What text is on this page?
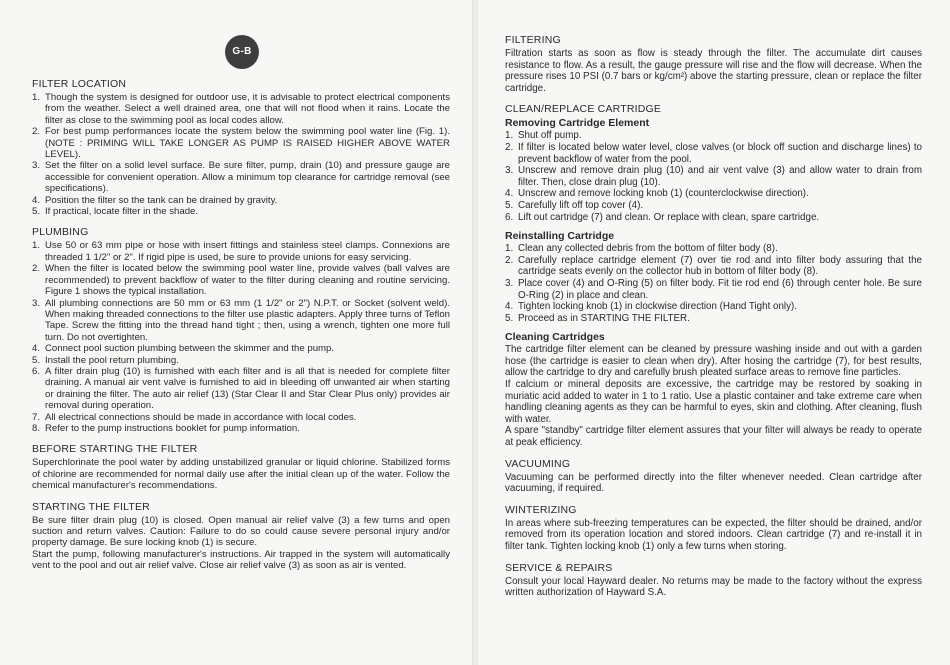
G-B
FILTER LOCATION
1. Though the system is designed for outdoor use, it is advisable to protect electrical components from the weather. Select a well drained area, one that will not flood when it rains. Locate the filter as close to the swimming pool as local codes allow.
2. For best pump performances locate the system below the swimming pool water line (Fig. 1). (NOTE : PRIMING WILL TAKE LONGER AS PUMP IS RAISED HIGHER ABOVE WATER LEVEL).
3. Set the filter on a solid level surface. Be sure filter, pump, drain (10) and pressure gauge are accessible for convenient operation. Allow a minimum top clearance for cartridge removal (see specifications).
4. Position the filter so the tank can be drained by gravity.
5. If practical, locate filter in the shade.
PLUMBING
1. Use 50 or 63 mm pipe or hose with insert fittings and stainless steel clamps. Connexions are threaded 1 1/2" or 2". If rigid pipe is used, be sure to provide unions for easy servicing.
2. When the filter is located below the swimming pool water line, provide valves (ball valves are recommended) to prevent backflow of water to the filter during cleaning and routine servicing. Figure 1 shows the typical installation.
3. All plumbing connections are 50 mm or 63 mm (1 1/2" or 2") N.P.T. or Socket (solvent weld). When making threaded connections to the filter use plastic adapters. Apply three turns of Teflon Tape. Screw the fitting into the thread hand tight ; then, using a wrench, tighten one more full turn. Do not overtighten.
4. Connect pool suction plumbing between the skimmer and the pump.
5. Install the pool return plumbing.
6. A filter drain plug (10) is furnished with each filter and is all that is needed for complete filter draining. A manual air vent valve is furnished to aid in bleeding off unwanted air when starting or draining the filter. The auto air relief (13) (Star Clear II and Star Clear Plus only) provides air removal during operation.
7. All electrical connections should be made in accordance with local codes.
8. Refer to the pump instructions booklet for pump information.
BEFORE STARTING THE FILTER

Superchlorinate the pool water by adding unstabilized granular or liquid chlorine. Stabilized forms of chlorine are recommended for normal daily use after the initial clean up of the water. Follow the chemical manufacturer's recommendations.

STARTING THE FILTER

Be sure filter drain plug (10) is closed. Open manual air relief valve (3) a few turns and open suction and return valves. Caution: Failure to do so could cause severe personal injury and/or property damage. Be sure locking knob (1) is secure.

Start the pump, following manufacturer's instructions. Air trapped in the system will automatically vent to the pool and out air relief valve. Close air relief valve (3) as soon as air is vented.

FILTERING

Filtration starts as soon as flow is steady through the filter. The accumulate dirt causes resistance to flow. As a result, the gauge pressure will rise and the flow will decrease. When the pressure rises 10 PSI (0.7 bars or kg/cm²) above the starting pressure, clean or replace the filter cartridge.

CLEAN/REPLACE CARTRIDGE
Removing Cartridge Element
1. Shut off pump.
2. If filter is located below water level, close valves (or block off suction and discharge lines) to prevent backflow of water from the pool.
3. Unscrew and remove drain plug (10) and air vent valve (3) and allow water to drain from filter. Then, close drain plug (10).
4. Unscrew and remove locking knob (1) (counterclockwise direction).
5. Carefully lift off top cover (4).
6. Lift out cartridge (7) and clean. Or replace with clean, spare cartridge.
Reinstalling Cartridge
1. Clean any collected debris from the bottom of filter body (8).
2. Carefully replace cartridge element (7) over tie rod and into filter body assuring that the cartridge seats evenly on the collector hub in bottom of filter body (8).
3. Place cover (4) and O-Ring (5) on filter body. Fit tie rod end (6) through center hole. Be sure O-Ring (2) in place and clean.
4. Tighten locking knob (1) in clockwise direction (Hand Tight only).
5. Proceed as in STARTING THE FILTER.
Cleaning Cartridges

The cartridge filter element can be cleaned by pressure washing inside and out with a garden hose (the cartridge is easier to clean when dry). After hosing the cartridge (7), for best results, allow the cartridge to dry and carefully brush pleated surface areas to remove fine particles.

If calcium or mineral deposits are excessive, the cartridge may be restored by soaking in muriatic acid added to water in 1 to 1 ratio. Use a plastic container and take extreme care when handling cleaning agents as they can be harmful to eyes, skin and clothing. After cleaning, flush with water.

A spare "standby" cartridge filter element assures that your filter will always be ready to operate at peak efficiency.

VACUUMING

Vacuuming can be performed directly into the filter whenever needed. Clean cartridge after vacuuming, if required.

WINTERIZING

In areas where sub-freezing temperatures can be expected, the filter should be drained, and/or removed from its operation location and stored indoors. Clean cartridge (7) and re-install it in filter tank. Tighten locking knob (1) only a few turns when storing.

SERVICE & REPAIRS

Consult your local Hayward dealer. No returns may be made to the factory without the express written authorization of Hayward S.A.
